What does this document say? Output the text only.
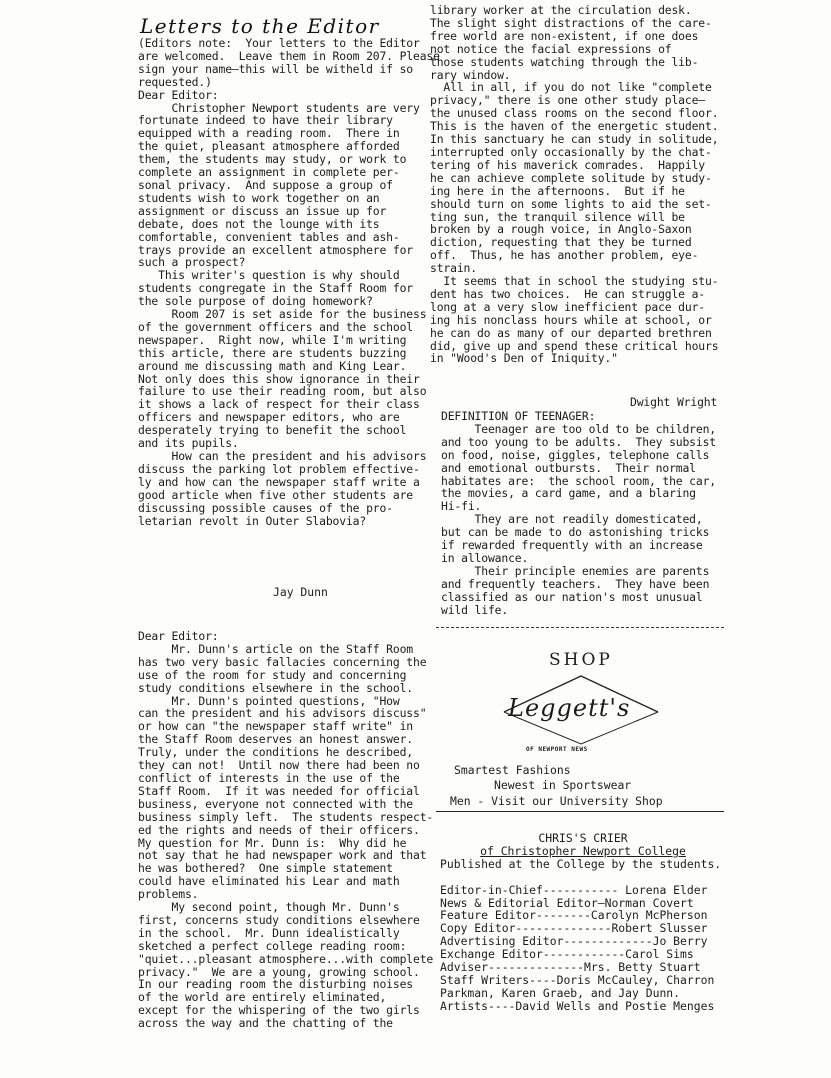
Letters to the Editor

(Editors note:  Your letters to the Editor

are welcomed.  Leave them in Room 207. Please

sign your name—this will be witheld if so

requested.)

Dear Editor:

Christopher Newport students are very

fortunate indeed to have their library

equipped with a reading room.  There in

the quiet, pleasant atmosphere afforded

them, the students may study, or work to

complete an assignment in complete per-

sonal privacy.  And suppose a group of

students wish to work together on an

assignment or discuss an issue up for

debate, does not the lounge with its

comfortable, convenient tables and ash-

trays provide an excellent atmosphere for

such a prospect?

This writer's question is why should

students congregate in the Staff Room for

the sole purpose of doing homework?

Room 207 is set aside for the business

of the government officers and the school

newspaper.  Right now, while I'm writing

this article, there are students buzzing

around me discussing math and King Lear.

Not only does this show ignorance in their

failure to use their reading room, but also

it shows a lack of respect for their class

officers and newspaper editors, who are

desperately trying to benefit the school

and its pupils.

How can the president and his advisors

discuss the parking lot problem effective-

ly and how can the newspaper staff write a

good article when five other students are

discussing possible causes of the pro-

letarian revolt in Outer Slabovia?

Jay Dunn

Dear Editor:

Mr. Dunn's article on the Staff Room

has two very basic fallacies concerning the

use of the room for study and concerning

study conditions elsewhere in the school.

Mr. Dunn's pointed questions, "How

can the president and his advisors discuss"

or how can "the newspaper staff write" in

the Staff Room deserves an honest answer.

Truly, under the conditions he described,

they can not!  Until now there had been no

conflict of interests in the use of the

Staff Room.  If it was needed for official

business, everyone not connected with the

business simply left.  The students respect-

ed the rights and needs of their officers.

My question for Mr. Dunn is:  Why did he

not say that he had newspaper work and that

he was bothered?  One simple statement

could have eliminated his Lear and math

problems.

My second point, though Mr. Dunn's

first, concerns study conditions elsewhere

in the school.  Mr. Dunn idealistically

sketched a perfect college reading room:

"quiet...pleasant atmosphere...with complete

privacy."  We are a young, growing school.

In our reading room the disturbing noises

of the world are entirely eliminated,

except for the whispering of the two girls

across the way and the chatting of the

library worker at the circulation desk.

The slight sight distractions of the care-

free world are non-existent, if one does

not notice the facial expressions of

those students watching through the lib-

rary window.

All in all, if you do not like "complete

privacy," there is one other study place—

the unused class rooms on the second floor.

This is the haven of the energetic student.

In this sanctuary he can study in solitude,

interrupted only occasionally by the chat-

tering of his maverick comrades.  Happily

he can achieve complete solitude by study-

ing here in the afternoons.  But if he

should turn on some lights to aid the set-

ting sun, the tranquil silence will be

broken by a rough voice, in Anglo-Saxon

diction, requesting that they be turned

off.  Thus, he has another problem, eye-

strain.

It seems that in school the studying stu-

dent has two choices.  He can struggle a-

long at a very slow inefficient pace dur-

ing his nonclass hours while at school, or

he can do as many of our departed brethren

did, give up and spend these critical hours

in "Wood's Den of Iniquity."

Dwight Wright

DEFINITION OF TEENAGER:

Teenager are too old to be children,

and too young to be adults.  They subsist

on food, noise, giggles, telephone calls

and emotional outbursts.  Their normal

habitates are:  the school room, the car,

the movies, a card game, and a blaring

Hi-fi.

They are not readily domesticated,

but can be made to do astonishing tricks

if rewarded frequently with an increase

in allowance.

Their principle enemies are parents

and frequently teachers.  They have been

classified as our nation's most unusual

wild life.

SHOP
Leggett's
OF NEWPORT NEWS
Smartest Fashions
Newest in Sportswear
Men - Visit our University Shop

CHRIS'S CRIER

of Christopher Newport College

Published at the College by the students.

Editor-in-Chief----------- Lorena Elder

News & Editorial Editor—Norman Covert

Feature Editor--------Carolyn McPherson

Copy Editor--------------Robert Slusser

Advertising Editor-------------Jo Berry

Exchange Editor------------Carol Sims

Adviser--------------Mrs. Betty Stuart

Staff Writers----Doris McCauley, Charron

Parkman, Karen Graeb, and Jay Dunn.

Artists----David Wells and Postie Menges
